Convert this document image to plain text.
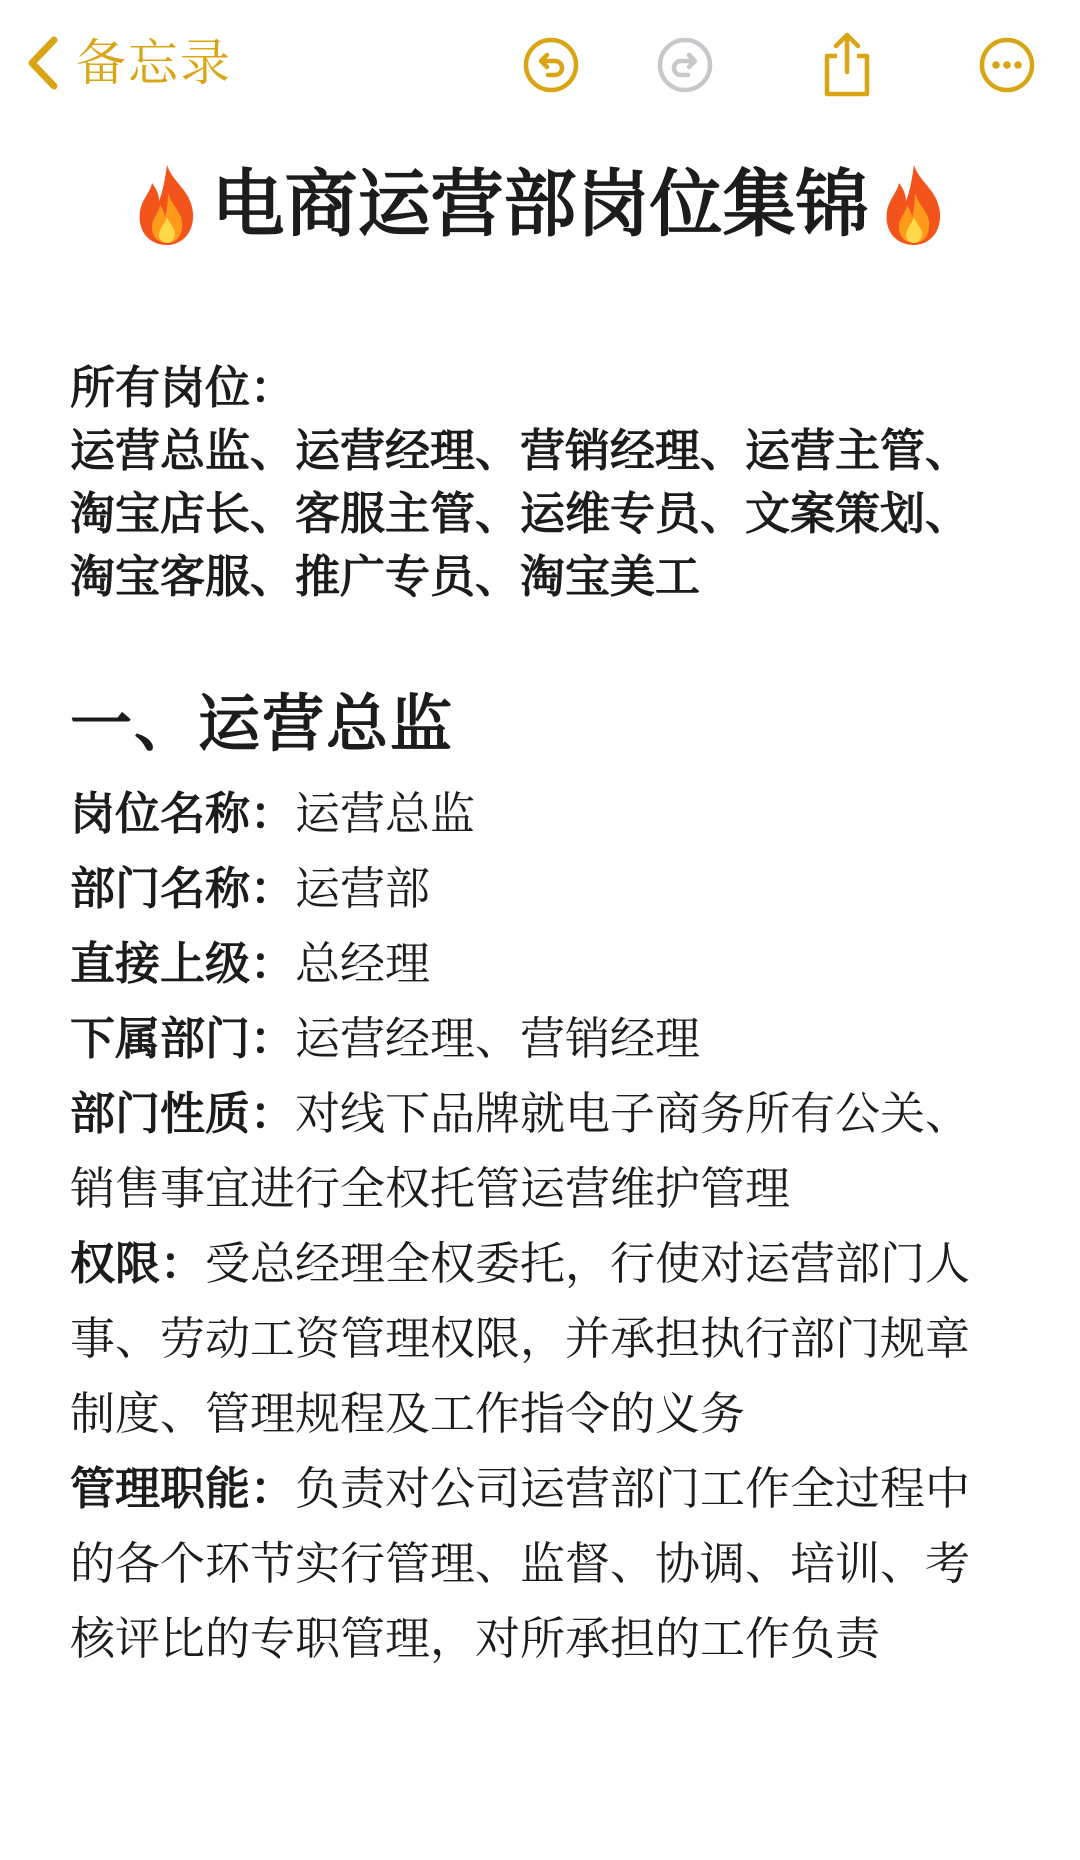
备忘录
电商运营部岗位集锦

所有岗位：

运营总监、运营经理、营销经理、运营主管、淘宝店长、客服主管、运维专员、文案策划、淘宝客服、推广专员、淘宝美工

一、运营总监

岗位名称：运营总监

部门名称：运营部

直接上级：总经理

下属部门：运营经理、营销经理

部门性质：对线下品牌就电子商务所有公关、销售事宜进行全权托管运营维护管理

权限：受总经理全权委托，行使对运营部门人事、劳动工资管理权限，并承担执行部门规章制度、管理规程及工作指令的义务

管理职能：负责对公司运营部门工作全过程中的各个环节实行管理、监督、协调、培训、考核评比的专职管理，对所承担的工作负责
